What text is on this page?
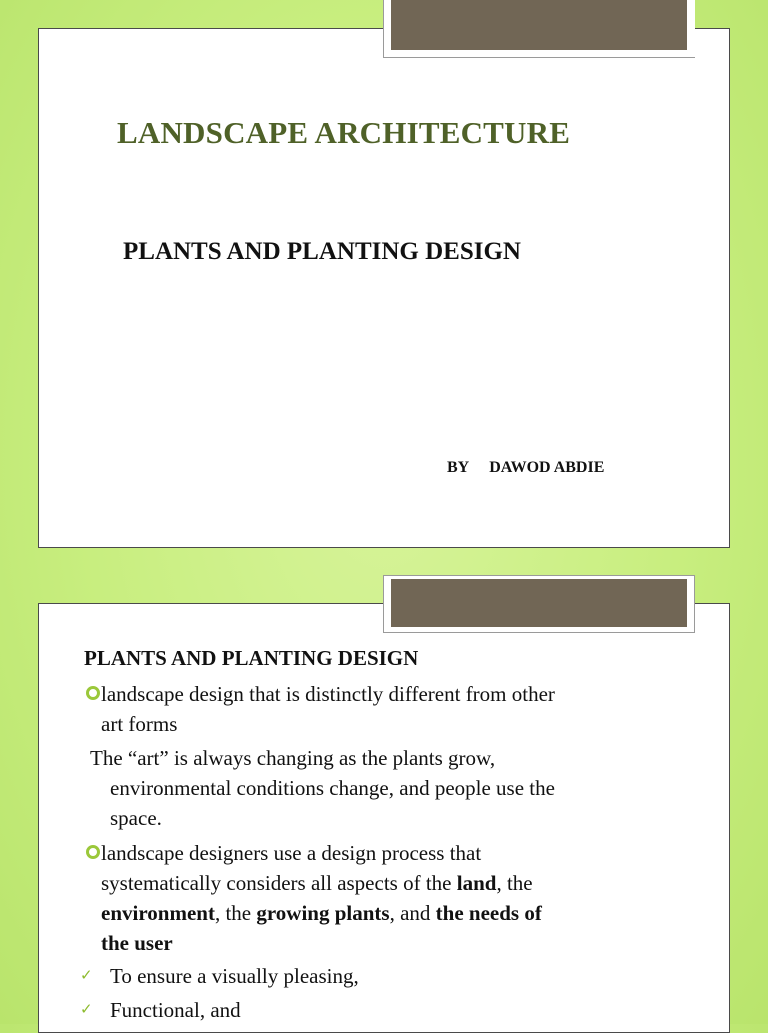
LANDSCAPE ARCHITECTURE
PLANTS AND PLANTING DESIGN
BY DAWOD ABDIE
PLANTS AND PLANTING DESIGN
landscape design that is distinctly different from other
art forms
The “art” is always changing as the plants grow,
environmental conditions change, and people use the
space.
landscape designers use a design process that
systematically considers all aspects of the land, the
environment, the growing plants, and the needs of
the user
✓ To ensure a visually pleasing,
✓ Functional, and
